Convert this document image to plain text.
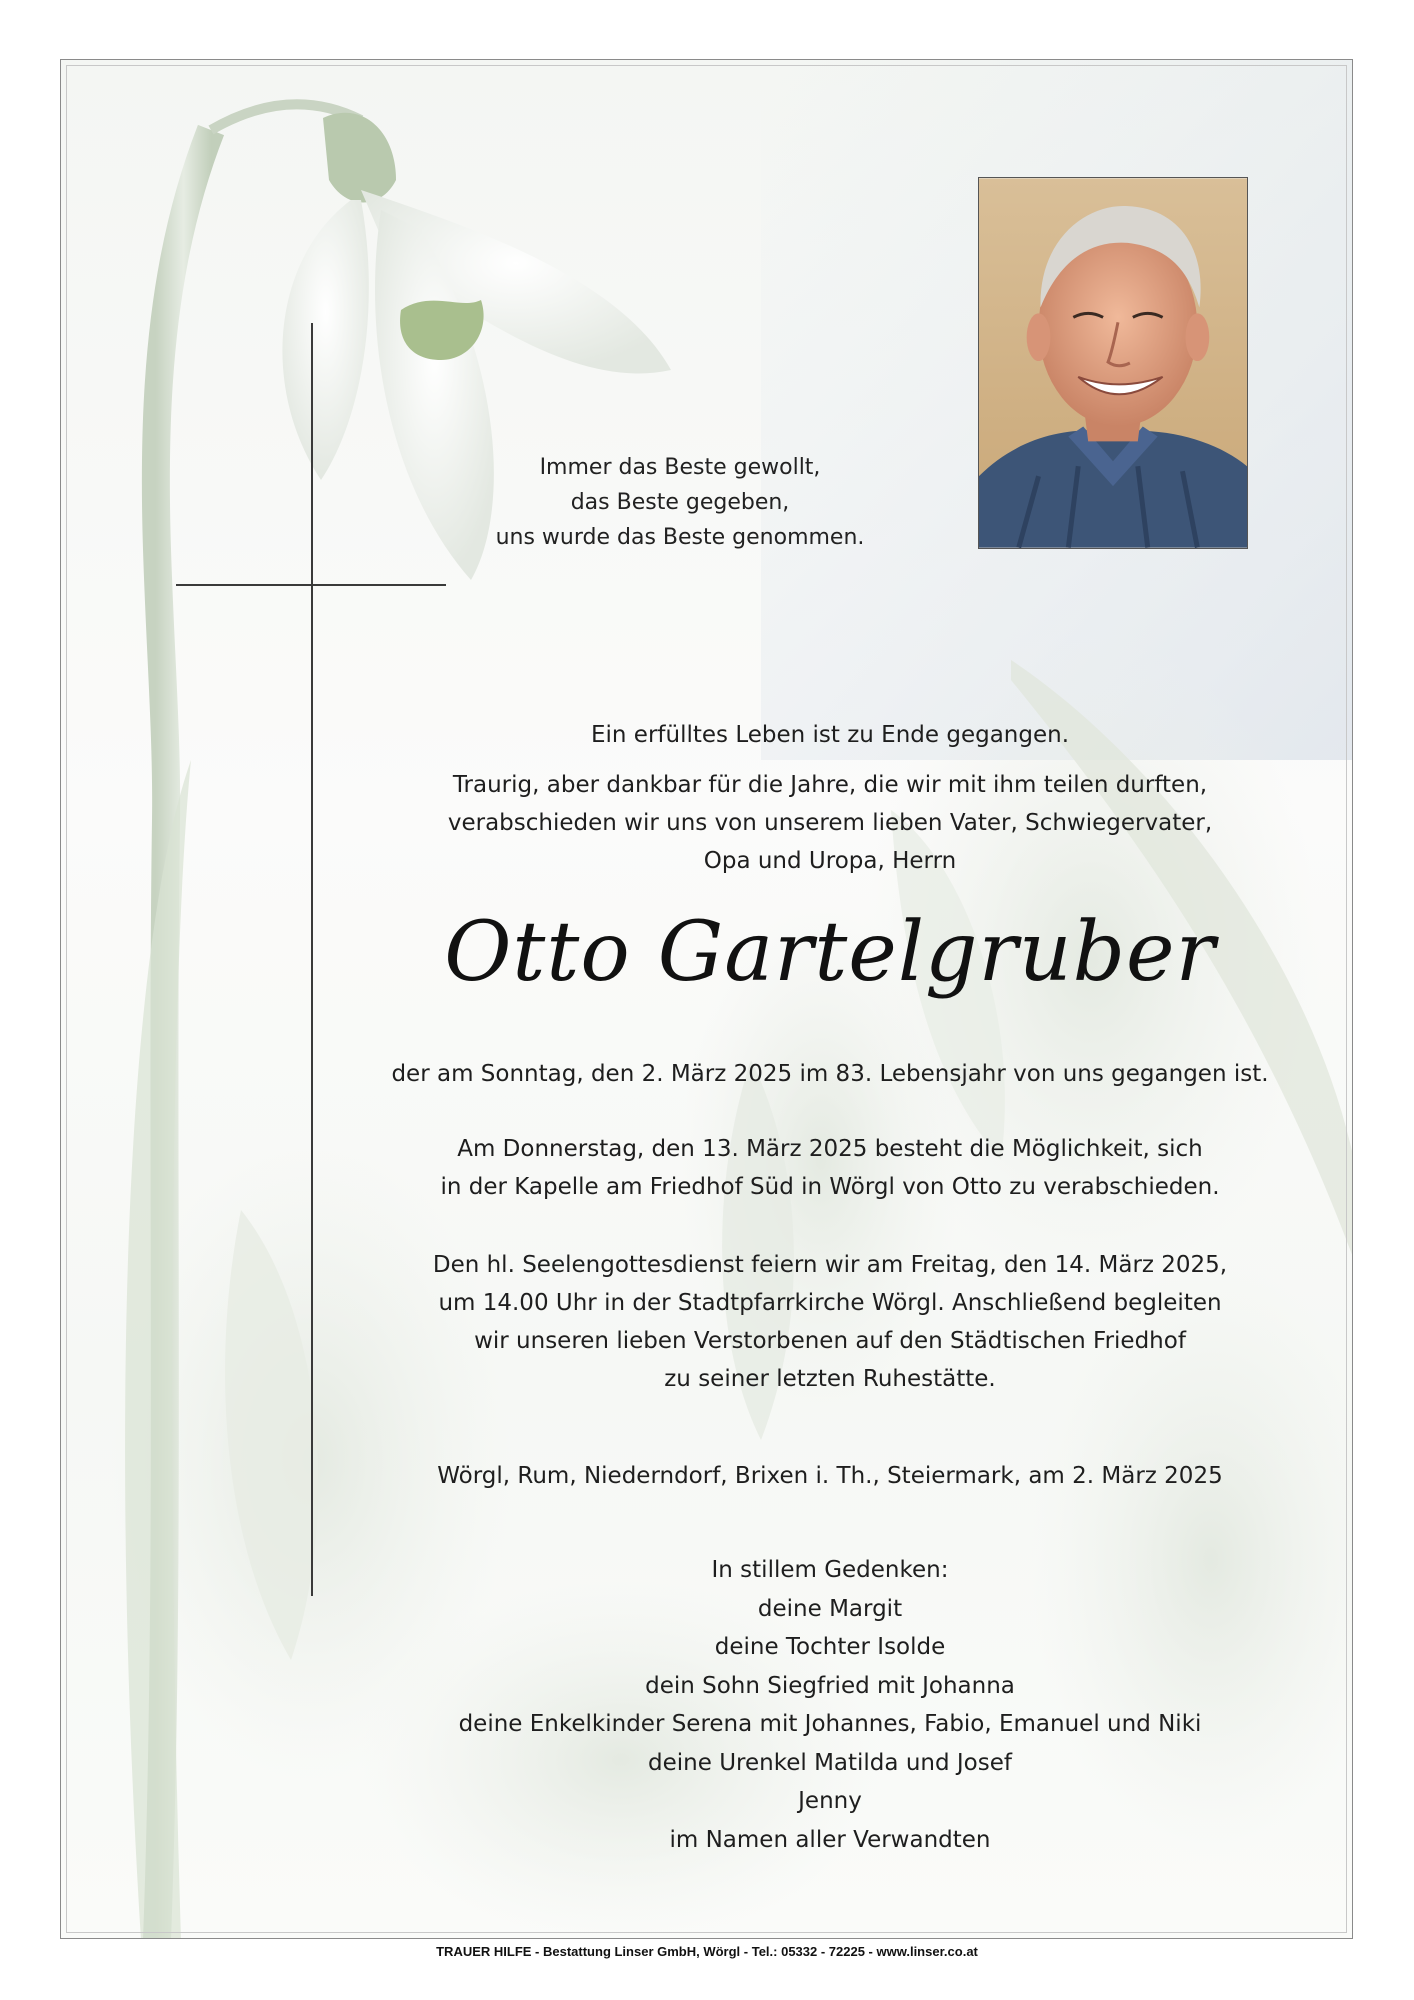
Immer das Beste gewollt,
das Beste gegeben,
uns wurde das Beste genommen.
Ein erfülltes Leben ist zu Ende gegangen.
Traurig, aber dankbar für die Jahre, die wir mit ihm teilen durften,
verabschieden wir uns von unserem lieben Vater, Schwiegervater,
Opa und Uropa, Herrn
Otto Gartelgruber
der am Sonntag, den 2. März 2025 im 83. Lebensjahr von uns gegangen ist.
Am Donnerstag, den 13. März 2025 besteht die Möglichkeit, sich
in der Kapelle am Friedhof Süd in Wörgl von Otto zu verabschieden.
Den hl. Seelengottesdienst feiern wir am Freitag, den 14. März 2025,
um 14.00 Uhr in der Stadtpfarrkirche Wörgl. Anschließend begleiten
wir unseren lieben Verstorbenen auf den Städtischen Friedhof
zu seiner letzten Ruhestätte.
Wörgl, Rum, Niederndorf, Brixen i. Th., Steiermark, am 2. März 2025
In stillem Gedenken:
deine Margit
deine Tochter Isolde
dein Sohn Siegfried mit Johanna
deine Enkelkinder Serena mit Johannes, Fabio, Emanuel und Niki
deine Urenkel Matilda und Josef
Jenny
im Namen aller Verwandten
TRAUER HILFE - Bestattung Linser GmbH, Wörgl - Tel.: 05332 - 72225 - www.linser.co.at
